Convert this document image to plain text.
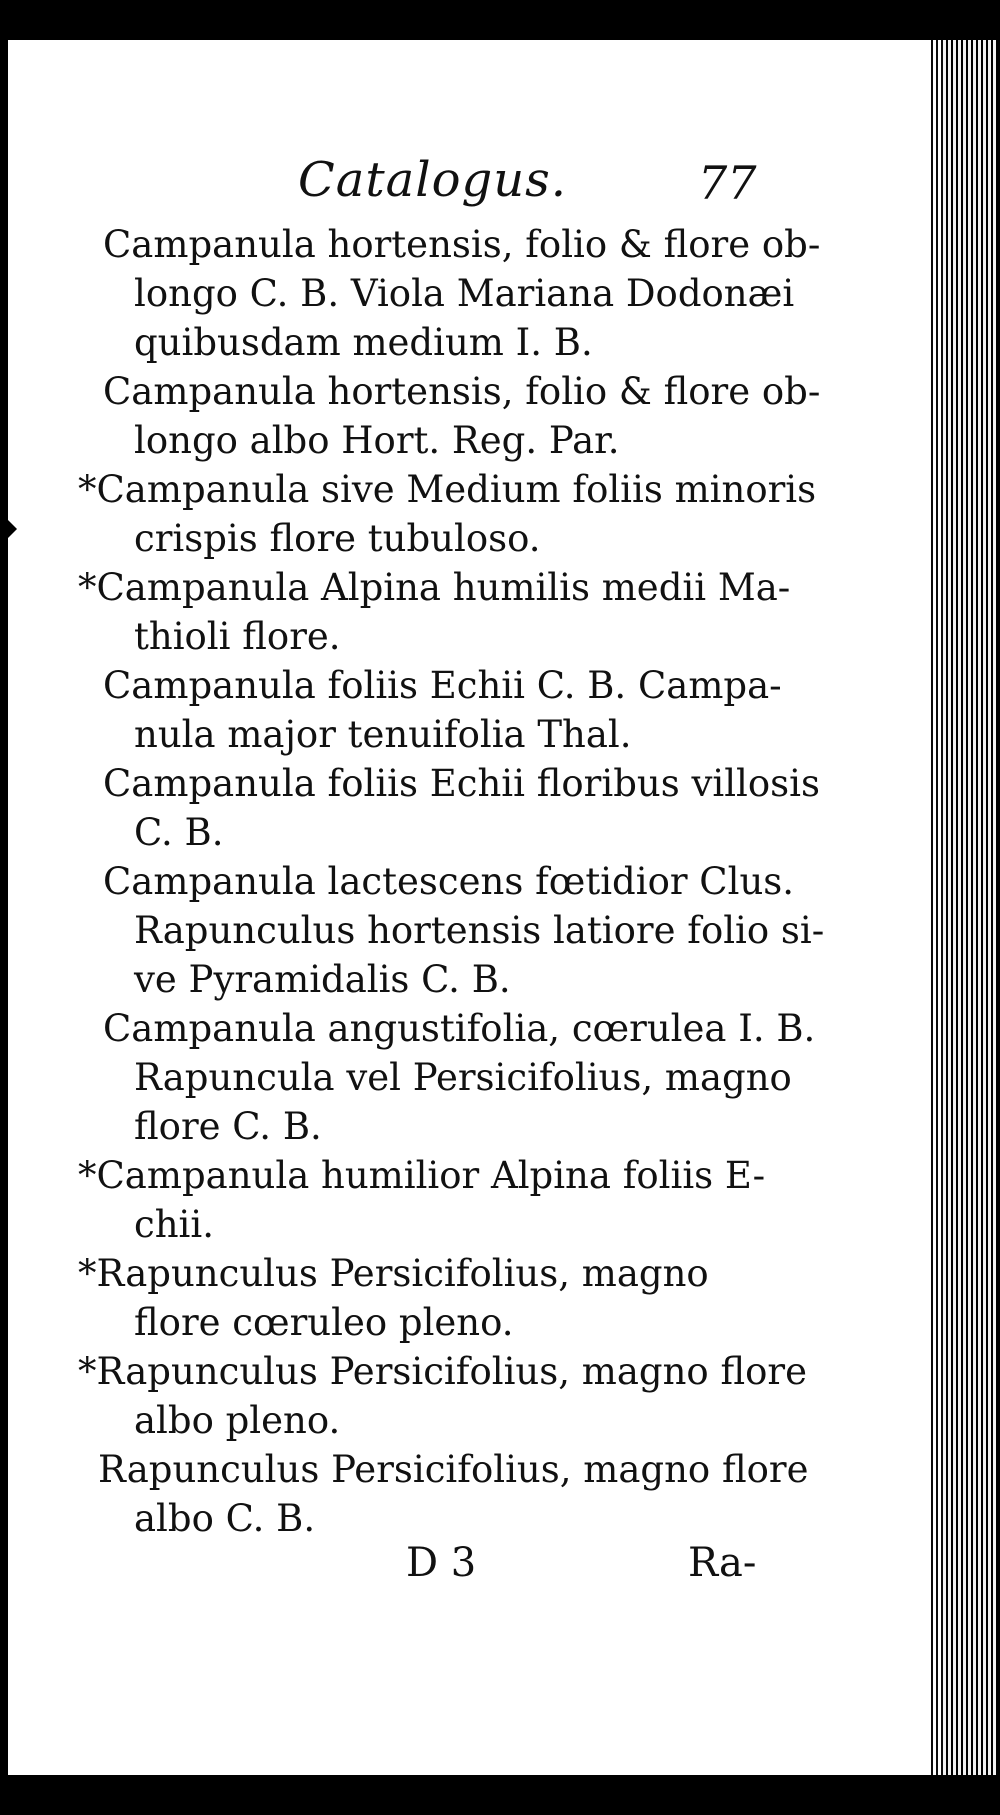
Catalogus.	77
Campanula hortensis, folio & flore ob-
longo C. B. Viola Mariana Dodonæi
quibusdam medium I. B.
Campanula hortensis, folio & flore ob-
longo albo Hort. Reg. Par.
*Campanula sive Medium foliis minoris
crispis flore tubuloso.
*Campanula Alpina humilis medii Ma-
thioli flore.
Campanula foliis Echii C. B. Campa-
nula major tenuifolia Thal.
Campanula foliis Echii floribus villosis
C. B.
Campanula lactescens fœtidior Clus.
Rapunculus hortensis latiore folio si-
ve Pyramidalis C. B.
Campanula angustifolia, cœrulea I. B.
Rapuncula vel Persicifolius, magno
flore C. B.
*Campanula humilior Alpina foliis E-
chii.
*Rapunculus Persicifolius, magno
flore cœruleo pleno.
*Rapunculus Persicifolius, magno flore
albo pleno.
Rapunculus Persicifolius, magno flore
albo C. B.
D 3	Ra-
